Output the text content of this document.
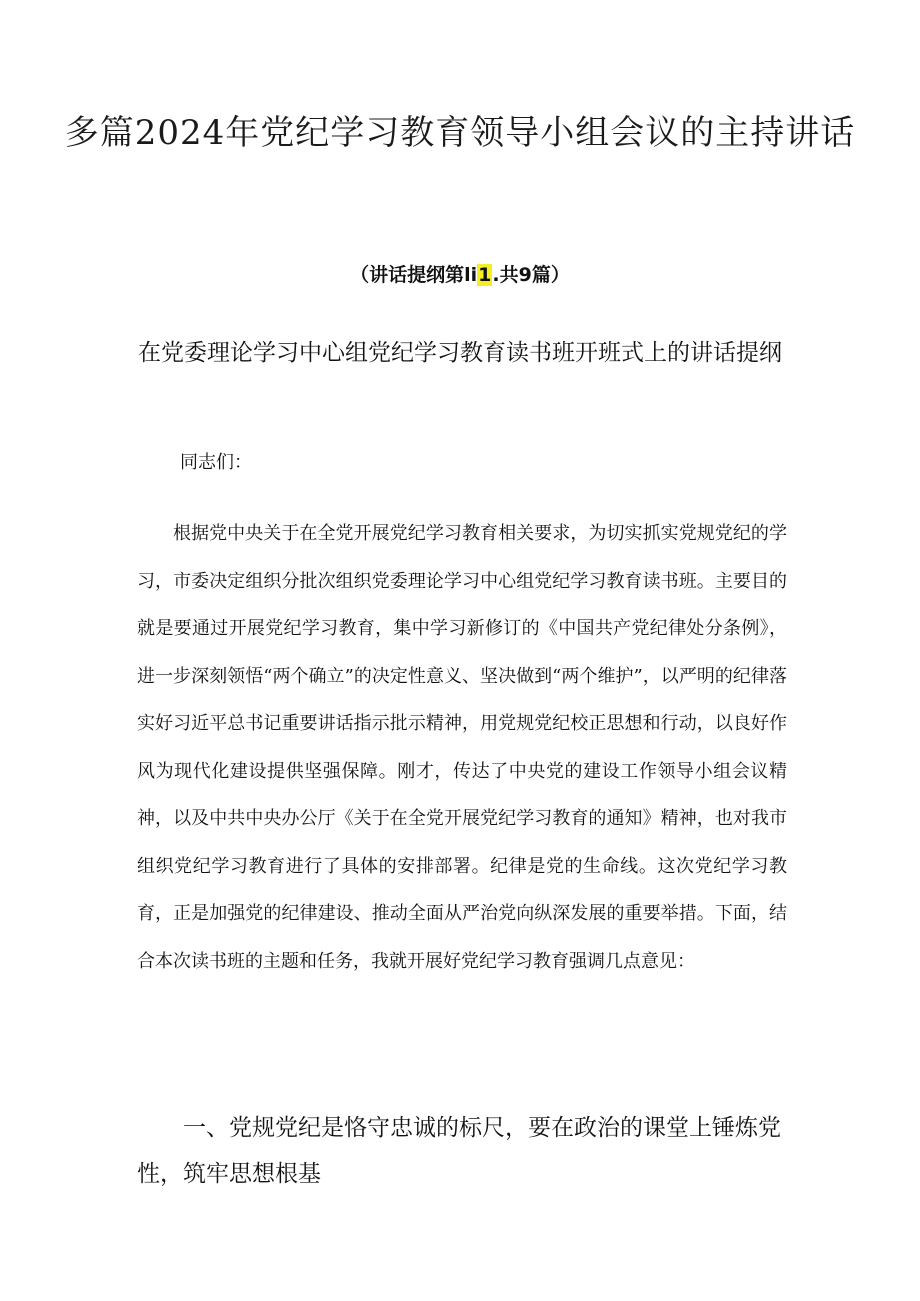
多篇2024年党纪学习教育领导小组会议的主持讲话
（讲话提纲第li1.共9篇）
在党委理论学习中心组党纪学习教育读书班开班式上的讲话提纲
同志们：

根据党中央关于在全党开展党纪学习教育相关要求，为切实抓实党规党纪的学习，市委决定组织分批次组织党委理论学习中心组党纪学习教育读书班。主要目的就是要通过开展党纪学习教育，集中学习新修订的《中国共产党纪律处分条例》，进一步深刻领悟“两个确立”的决定性意义、坚决做到“两个维护”，以严明的纪律落实好习近平总书记重要讲话指示批示精神，用党规党纪校正思想和行动，以良好作风为现代化建设提供坚强保障。刚才，传达了中央党的建设工作领导小组会议精神，以及中共中央办公厅《关于在全党开展党纪学习教育的通知》精神，也对我市组织党纪学习教育进行了具体的安排部署。纪律是党的生命线。这次党纪学习教育，正是加强党的纪律建设、推动全面从严治党向纵深发展的重要举措。下面，结合本次读书班的主题和任务，我就开展好党纪学习教育强调几点意见：

一、党规党纪是恪守忠诚的标尺，要在政治的课堂上锤炼党性，筑牢思想根基
